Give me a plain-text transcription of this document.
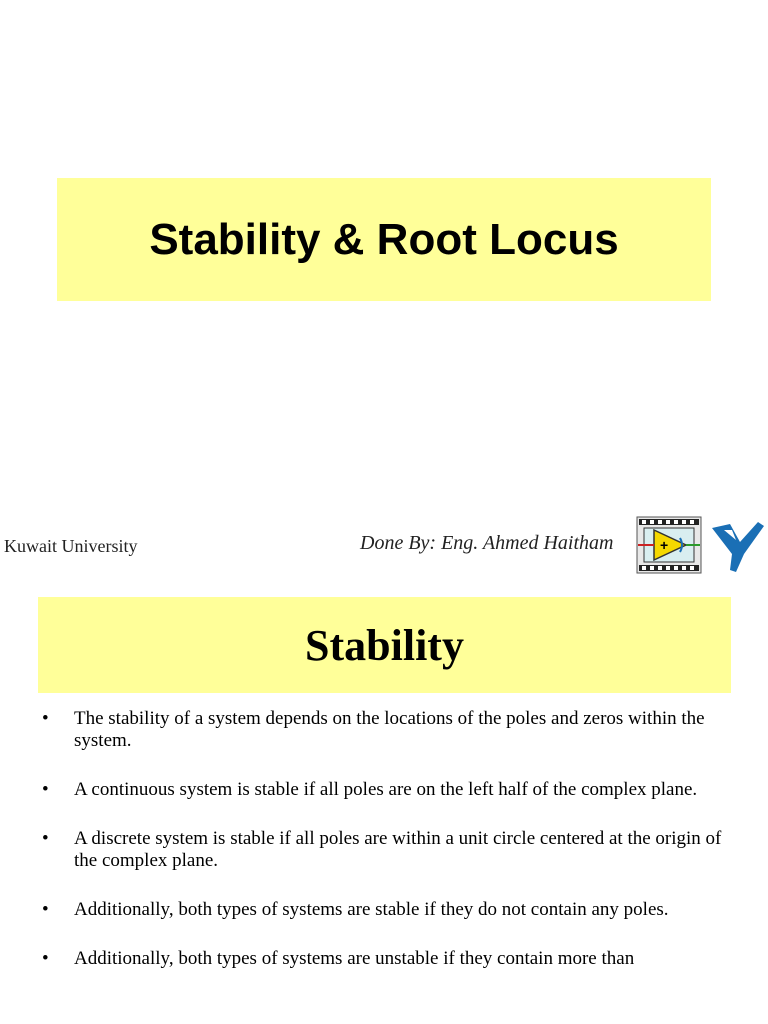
Stability & Root Locus
Kuwait University	Done By: Eng. Ahmed Haitham	+
Stability
• The stability of a system depends on the locations of the poles and zeros within the system.
• A continuous system is stable if all poles are on the left half of the complex plane.
• A discrete system is stable if all poles are within a unit circle centered at the origin of the complex plane.
• Additionally, both types of systems are stable if they do not contain any poles.
• Additionally, both types of systems are unstable if they contain more than
